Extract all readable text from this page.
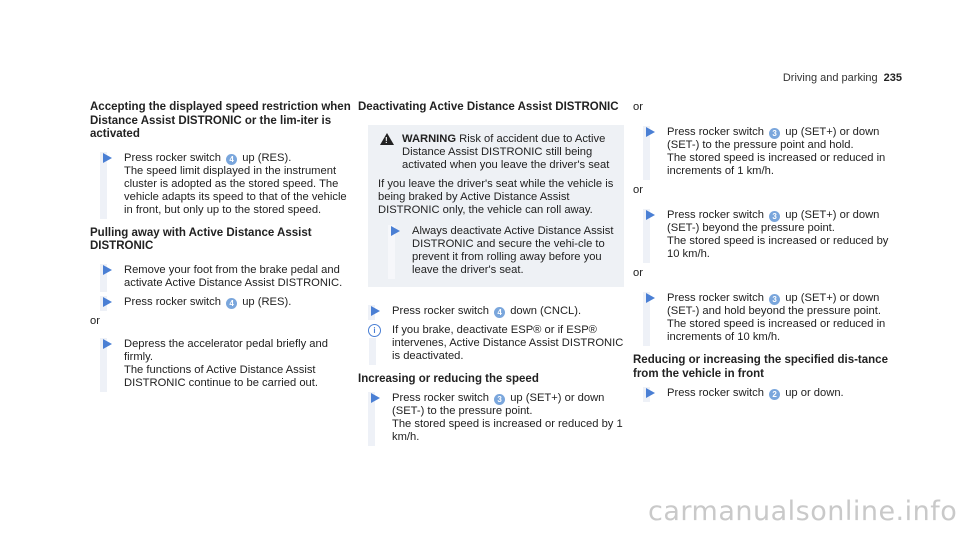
Driving and parking 235
Accepting the displayed speed restriction when Distance Assist DISTRONIC or the lim-iter is activated

Press rocker switch 4 up (RES).

The speed limit displayed in the instrument cluster is adopted as the stored speed. The vehicle adapts its speed to that of the vehicle in front, but only up to the stored speed.

Pulling away with Active Distance Assist DISTRONIC

Remove your foot from the brake pedal and activate Active Distance Assist DISTRONIC.

Press rocker switch 4 up (RES).

or

Depress the accelerator pedal briefly and firmly.

The functions of Active Distance Assist DISTRONIC continue to be carried out.

Deactivating Active Distance Assist DISTRONIC
!
WARNING Risk of accident due to Active Distance Assist DISTRONIC still being activated when you leave the driver's seat

If you leave the driver's seat while the vehicle is being braked by Active Distance Assist DISTRONIC only, the vehicle can roll away.

Always deactivate Active Distance Assist DISTRONIC and secure the vehi-cle to prevent it from rolling away before you leave the driver's seat.

Press rocker switch 4 down (CNCL).

i	If you brake, deactivate ESP® or if ESP® intervenes, Active Distance Assist DISTRONIC is deactivated.

Increasing or reducing the speed

Press rocker switch 3 up (SET+) or down (SET-) to the pressure point.

The stored speed is increased or reduced by 1 km/h.

or

Press rocker switch 3 up (SET+) or down (SET-) to the pressure point and hold.

The stored speed is increased or reduced in increments of 1 km/h.

or

Press rocker switch 3 up (SET+) or down (SET-) beyond the pressure point.

The stored speed is increased or reduced by 10 km/h.

or

Press rocker switch 3 up (SET+) or down (SET-) and hold beyond the pressure point.

The stored speed is increased or reduced in increments of 10 km/h.

Reducing or increasing the specified dis-tance from the vehicle in front

Press rocker switch 2 up or down.

carmanualsonline.info
